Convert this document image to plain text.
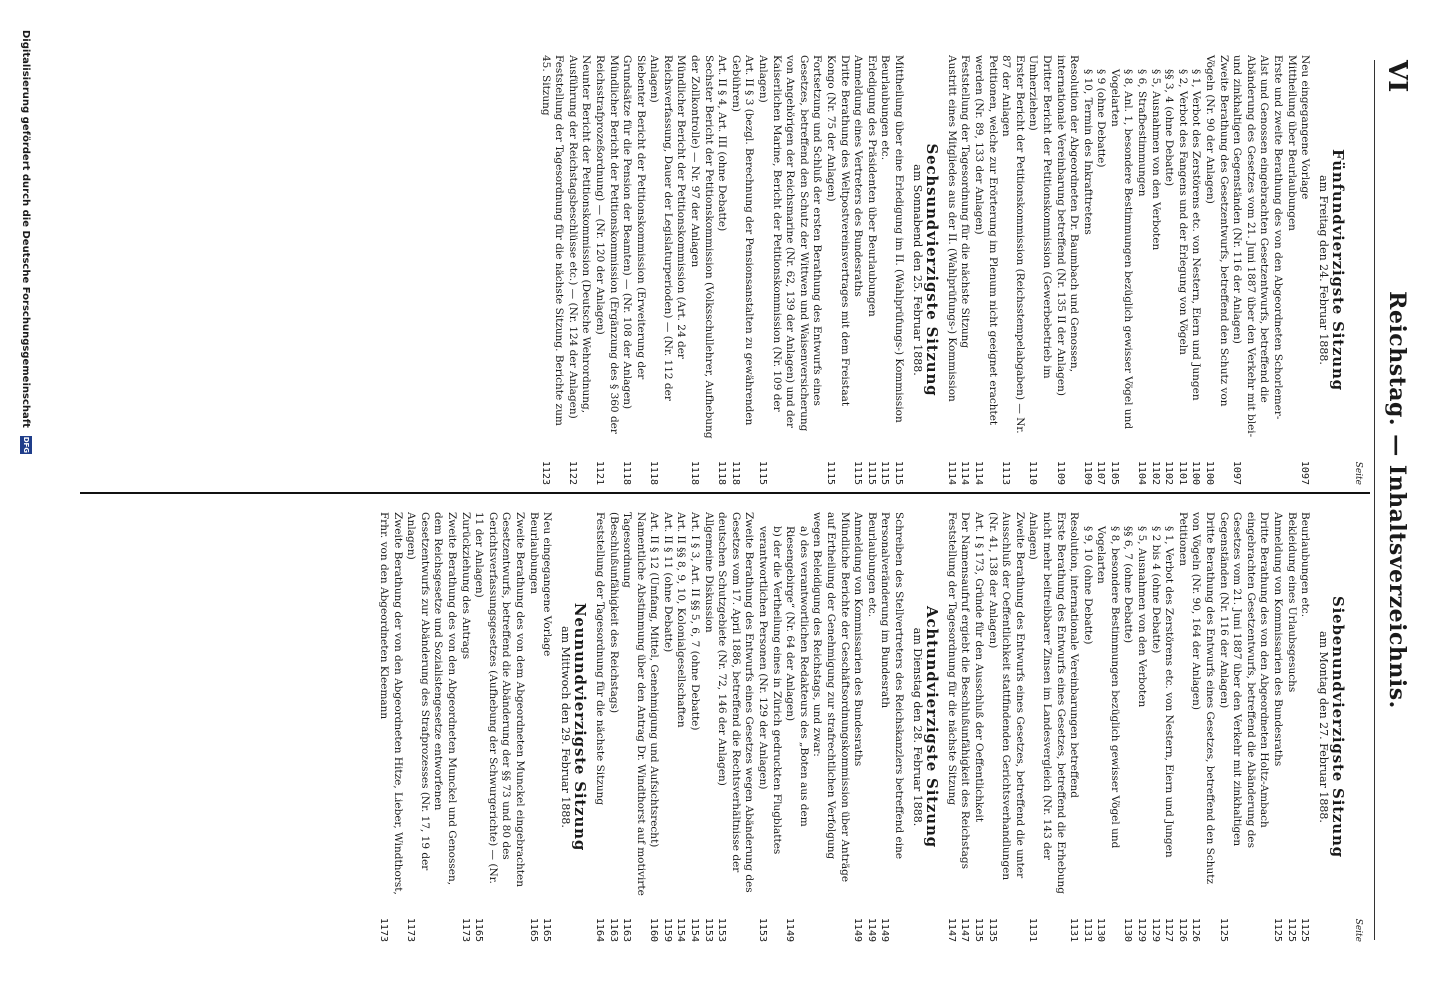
VI
Reichstag. — Inhaltsverzeichnis.
Seite
Fünfundvierzigste Sitzung
am Freitag den 24. Februar 1888.
Neu eingegangene Vorlage
1097
Mittheilung über Beurlaubungen
Erste und zweite Berathung des von den Abgeordneten Schorlemer-Alst und Genossen eingebrachten Gesetzentwurfs, betreffend die Abänderung des Gesetzes vom 21. Juni 1887 über den Verkehr mit blei- und zinkhaltigen Gegenständen (Nr. 116 der Anlagen)
1097
Zweite Berathung des Gesetzentwurfs, betreffend den Schutz von Vögeln (Nr. 90 der Anlagen)
1100
§ 1, Verbot des Zerstörens etc. von Nestern, Eiern und Jungen
1100
§ 2, Verbot des Fangens und der Erlegung von Vögeln
1101
§§ 3, 4 (ohne Debatte)
1102
§ 5, Ausnahmen von den Verboten
1102
§ 6, Strafbestimmungen
1104
§ 8, Anl. 1, besondere Bestimmungen bezüglich gewisser Vögel und Vogelarten
1105
§ 9 (ohne Debatte)
1107
§ 10, Termin des Inkrafttretens
1109
Resolution der Abgeordneten Dr. Baumbach und Genossen, internationale Vereinbarung betreffend (Nr. 135 II der Anlagen)
1109
Dritter Bericht der Petitionskommission (Gewerbebetrieb im Umherziehen)
1110
Erster Bericht der Petitionskommission (Reichsstempelabgaben) — Nr. 87 der Anlagen
1113
Petitionen, welche zur Erörterung im Plenum nicht geeignet erachtet werden (Nr. 89, 133 der Anlagen)
1114
Feststellung der Tagesordnung für die nächste Sitzung
1114
Austritt eines Mitgliedes aus der II. (Wahlprüfungs-) Kommission
1114
Sechsundvierzigste Sitzung
am Sonnabend den 25. Februar 1888.
Mittheilung über eine Erledigung im II. (Wahlprüfungs-) Kommission
1115
Beurlaubungen etc.
1115
Erledigung des Präsidenten über Beurlaubungen
1115
Anmeldung eines Vertreters des Bundesraths
1115
Dritte Berathung des Weltpostvereinsvertrages mit dem Freistaat Kongo (Nr. 75 der Anlagen)
1115
Fortsetzung und Schluß der ersten Berathung des Entwurfs eines Gesetzes, betreffend den Schutz der Wittwen und Waisenversicherung von Angehörigen der Reichsmarine (Nr. 62, 139 der Anlagen) und der Kaiserlichen Marine, Bericht der Petitionskommission (Nr. 109 der Anlagen)
1115
Art. II § 3 (bezgl. Berechnung der Pensionsanstalten zu gewährenden Gebühren)
1118
Art. II § 4, Art. III (ohne Debatte)
1118
Sechster Bericht der Petitionskommission (Volksschullehrer, Aufhebung der Zollkontrolle) — Nr. 97 der Anlagen
1118
Mündlicher Bericht der Petitionskommission (Art. 24 der Reichsverfassung, Dauer der Legislaturperioden) — (Nr. 112 der Anlagen)
1118
Siebenter Bericht der Petitionskommission (Erweiterung der Grundsätze für die Pension der Beamten) — (Nr. 108 der Anlagen)
1118
Mündlicher Bericht der Petitionskommission (Ergänzung des § 360 der Reichsstrafprozeßordnung) — (Nr. 120 der Anlagen)
1121
Neunter Bericht der Petitionskommission (Deutsche Wehrordnung, Ausführung der Reichstagsbeschlüsse etc.) — (Nr. 124 der Anlagen)
1122
Feststellung der Tagesordnung für die nächste Sitzung. Berichte zum 45. Sitzung
1123
Seite
Siebenundvierzigste Sitzung
am Montag den 27. Februar 1888.
Beurlaubungen etc.
1125
Bekleidung eines Urlaubsgesuchs
1125
Anmeldung von Kommissarien des Bundesraths
1125
Dritte Berathung des von den Abgeordneten Holtz-Ambach eingebrachten Gesetzentwurfs, betreffend die Abänderung des Gesetzes vom 21. Juni 1887 über den Verkehr mit zinkhaltigen Gegenständen (Nr. 116 der Anlagen)
1125
Dritte Berathung des Entwurfs eines Gesetzes, betreffend den Schutz von Vögeln (Nr. 90, 164 der Anlagen)
1126
Petitionen
1126
§ 1, Verbot des Zerstörens etc. von Nestern, Eiern und Jungen
1127
§ 2 bis 4 (ohne Debatte)
1129
§ 5, Ausnahmen von den Verboten
1129
§§ 6, 7 (ohne Debatte)
1130
§ 8, besondere Bestimmungen bezüglich gewisser Vögel und Vogelarten
1130
§ 9, 10 (ohne Debatte)
1131
Resolution, internationale Vereinbarungen betreffend
1131
Erste Berathung des Entwurfs eines Gesetzes, betreffend die Erhebung nicht mehr beitreibbarer Zinsen im Landesvergleich (Nr. 143 der Anlagen)
1131
Zweite Berathung des Entwurfs eines Gesetzes, betreffend die unter Ausschluß der Oeffentlichkeit stattfindenden Gerichtsverhandlungen (Nr. 41, 138 der Anlagen)
1135
Art. I § 173, Gründe für den Ausschluß der Oeffentlichkeit
1135
Der Namensaufruf ergiebt die Beschlußunfähigkeit des Reichstags
1147
Feststellung der Tagesordnung für die nächste Sitzung
1147
Achtundvierzigste Sitzung
am Dienstag den 28. Februar 1888.
Schreiben des Stellvertreters des Reichskanzlers betreffend eine Personalveränderung im Bundesrath
1149
Beurlaubungen etc.
1149
Anmeldung von Kommissarien des Bundesraths
1149
Mündliche Berichte der Geschäftsordnungskommission über Anträge auf Ertheilung der Genehmigung zur strafrechtlichen Verfolgung wegen Beleidigung des Reichstags, und zwar:
a) des verantwortlichen Redakteurs des „Boten aus dem Riesengebirge“ (Nr. 64 der Anlagen)
1149
b) der die Vertheilung eines in Zürich gedruckten Flugblattes verantwortlichen Personen (Nr. 129 der Anlagen)
1153
Zweite Berathung des Entwurfs eines Gesetzes wegen Abänderung des Gesetzes vom 17. April 1886, betreffend die Rechtsverhältnisse der deutschen Schutzgebiete (Nr. 72, 146 der Anlagen)
1153
Allgemeine Diskussion
1153
Art. I § 3, Art. II §§ 5, 6, 7 (ohne Debatte)
1154
Art. II §§ 8, 9, 10, Kolonialgesellschaften
1154
Art. II § 11 (ohne Debatte)
1159
Art. II § 12 (Umfang, Mittel, Genehmigung und Aufsichtsrecht)
1160
Namentliche Abstimmung über den Antrag Dr. Windthorst auf motivirte Tagesordnung
1163
(Beschlußunfähigkeit des Reichstags)
1163
Feststellung der Tagesordnung für die nächste Sitzung
1164
Neunundvierzigste Sitzung
am Mittwoch den 29. Februar 1888.
Neu eingegangene Vorlage
1165
Beurlaubungen
1165
Zweite Berathung des von dem Abgeordneten Munckel eingebrachten Gesetzentwurfs, betreffend die Abänderung der §§ 73 und 80 des Gerichtsverfassungsgesetzes (Aufhebung der Schwurgerichte) — (Nr. 11 der Anlagen)
1165
Zurückziehung des Antrags
1173
Zweite Berathung des von den Abgeordneten Munckel und Genossen, dem Reichsgesetze und Sozialistengesetze entworfenen Gesetzentwurfs zur Abänderung des Strafprozesses (Nr. 17, 19 der Anlagen)
1173
Zweite Berathung der von den Abgeordneten Hitze, Lieber, Windthorst, Frhr. von den Abgeordneten Kleemann
1173
Digitalisierung gefördert durch die Deutsche Forschungsgemeinschaft
DFG
